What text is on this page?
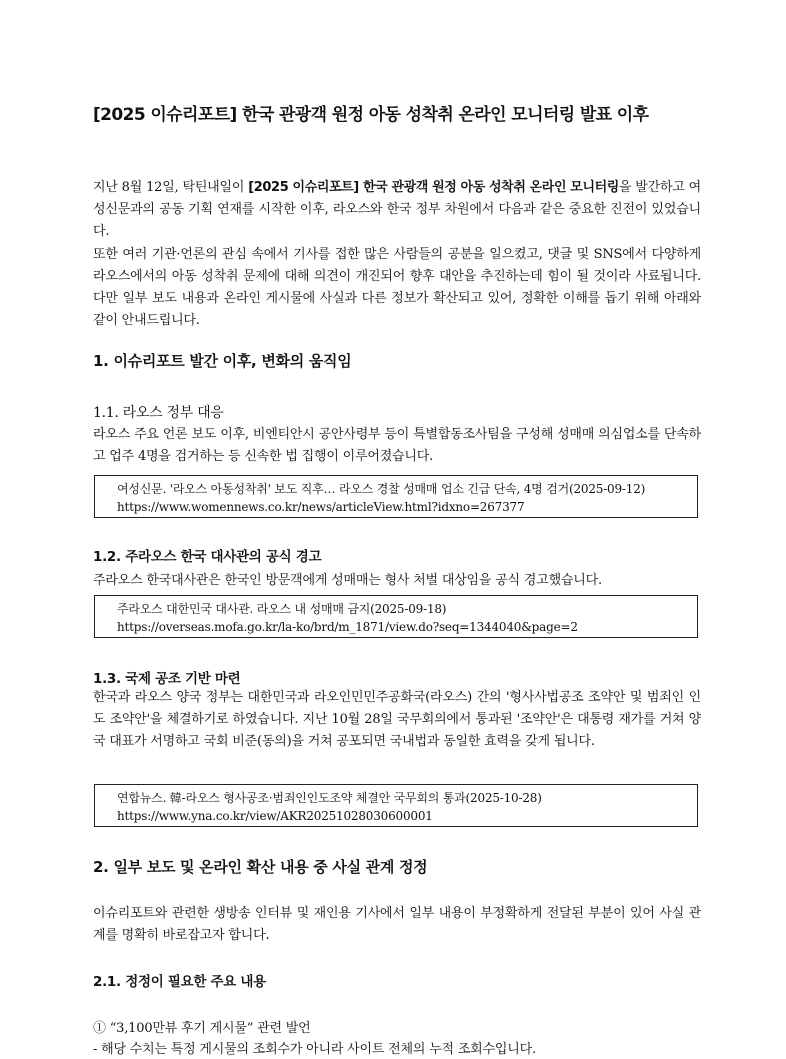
[2025 이슈리포트] 한국 관광객 원정 아동 성착취 온라인 모니터링 발표 이후

지난 8월 12일, 탁틴내일이 [2025 이슈리포트] 한국 관광객 원정 아동 성착취 온라인 모니터링을 발간하고 여성신문과의 공동 기획 연재를 시작한 이후, 라오스와 한국 정부 차원에서 다음과 같은 중요한 진전이 있었습니다.
또한 여러 기관·언론의 관심 속에서 기사를 접한 많은 사람들의 공분을 일으켰고, 댓글 및 SNS에서 다양하게 라오스에서의 아동 성착취 문제에 대해 의견이 개진되어 향후 대안을 추진하는데 힘이 될 것이라 사료됩니다. 다만 일부 보도 내용과 온라인 게시물에 사실과 다른 정보가 확산되고 있어, 정확한 이해를 돕기 위해 아래와 같이 안내드립니다.

1. 이슈리포트 발간 이후, 변화의 움직임
1.1. 라오스 정부 대응

라오스 주요 언론 보도 이후, 비엔티안시 공안사령부 등이 특별합동조사팀을 구성해 성매매 의심업소를 단속하고 업주 4명을 검거하는 등 신속한 법 집행이 이루어졌습니다.

여성신문. '라오스 아동성착취' 보도 직후… 라오스 경찰 성매매 업소 긴급 단속, 4명 검거(2025-09-12)
https://www.womennews.co.kr/news/articleView.html?idxno=267377
1.2. 주라오스 한국 대사관의 공식 경고
주라오스 한국대사관은 한국인 방문객에게 성매매는 형사 처벌 대상임을 공식 경고했습니다.
주라오스 대한민국 대사관. 라오스 내 성매매 금지(2025-09-18)
https://overseas.mofa.go.kr/la-ko/brd/m_1871/view.do?seq=1344040&page=2
1.3. 국제 공조 기반 마련

한국과 라오스 양국 정부는 대한민국과 라오인민민주공화국(라오스) 간의 '형사사법공조 조약안 및 범죄인 인도 조약안'을 체결하기로 하였습니다. 지난 10월 28일 국무회의에서 통과된 '조약안'은 대통령 재가를 거쳐 양국 대표가 서명하고 국회 비준(동의)을 거쳐 공포되면 국내법과 동일한 효력을 갖게 됩니다.

연합뉴스. 韓-라오스 형사공조·범죄인인도조약 체결안 국무회의 통과(2025-10-28)
https://www.yna.co.kr/view/AKR20251028030600001
2. 일부 보도 및 온라인 확산 내용 중 사실 관계 정정

이슈리포트와 관련한 생방송 인터뷰 및 재인용 기사에서 일부 내용이 부정확하게 전달된 부분이 있어 사실 관계를 명확히 바로잡고자 합니다.

2.1. 정정이 필요한 주요 내용
① “3,100만뷰 후기 게시물” 관련 발언
- 해당 수치는 특정 게시물의 조회수가 아니라 사이트 전체의 누적 조회수입니다.
